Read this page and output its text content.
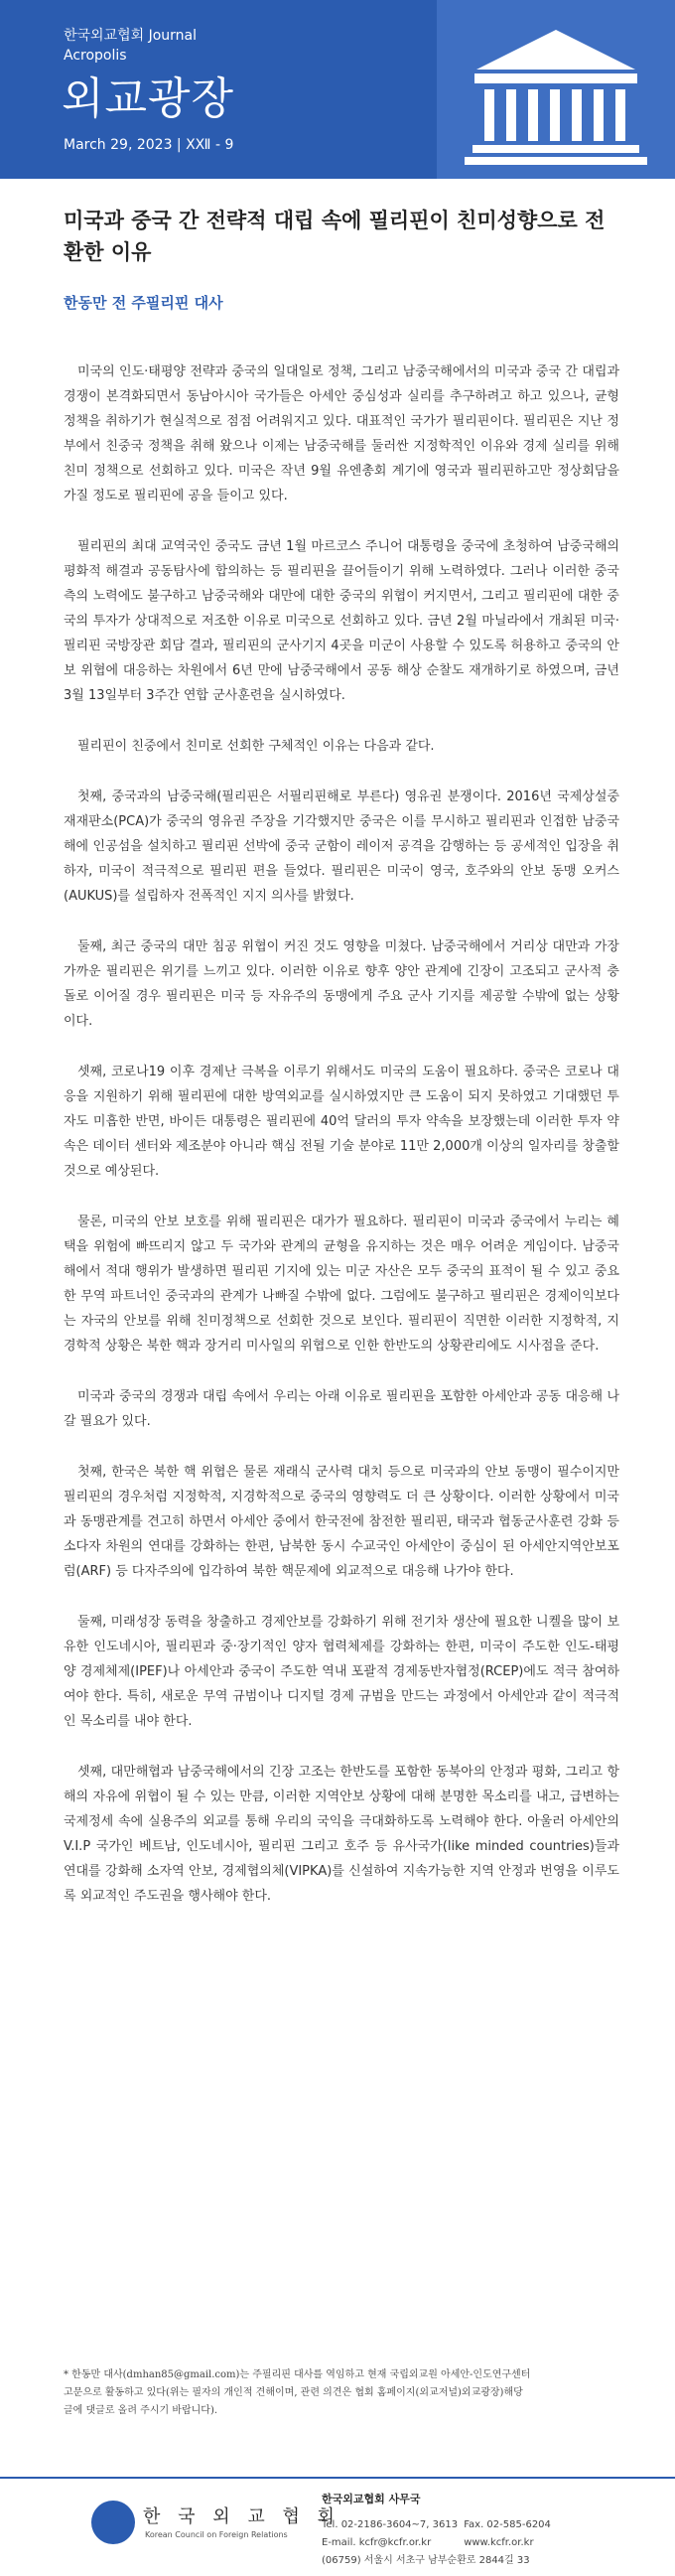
한국외교협회 Journal
Acropolis
외교광장
March 29, 2023 | ⅩⅫ - 9
미국과 중국 간 전략적 대립 속에 필리핀이 친미성향으로 전환한 이유
한동만 전 주필리핀 대사

미국의 인도·태평양 전략과 중국의 일대일로 정책, 그리고 남중국해에서의 미국과 중국 간 대립과 경쟁이 본격화되면서 동남아시아 국가들은 아세안 중심성과 실리를 추구하려고 하고 있으나, 균형 정책을 취하기가 현실적으로 점점 어려워지고 있다. 대표적인 국가가 필리핀이다. 필리핀은 지난 정부에서 친중국 정책을 취해 왔으나 이제는 남중국해를 둘러싼 지정학적인 이유와 경제 실리를 위해 친미 정책으로 선회하고 있다. 미국은 작년 9월 유엔총회 계기에 영국과 필리핀하고만 정상회담을 가질 정도로 필리핀에 공을 들이고 있다.

필리핀의 최대 교역국인 중국도 금년 1월 마르코스 주니어 대통령을 중국에 초청하여 남중국해의 평화적 해결과 공동탐사에 합의하는 등 필리핀을 끌어들이기 위해 노력하였다. 그러나 이러한 중국 측의 노력에도 불구하고 남중국해와 대만에 대한 중국의 위협이 커지면서, 그리고 필리핀에 대한 중국의 투자가 상대적으로 저조한 이유로 미국으로 선회하고 있다. 금년 2월 마닐라에서 개최된 미국·필리핀 국방장관 회담 결과, 필리핀의 군사기지 4곳을 미군이 사용할 수 있도록 허용하고 중국의 안보 위협에 대응하는 차원에서 6년 만에 남중국해에서 공동 해상 순찰도 재개하기로 하였으며, 금년 3월 13일부터 3주간 연합 군사훈련을 실시하였다.

필리핀이 친중에서 친미로 선회한 구체적인 이유는 다음과 같다.

첫째, 중국과의 남중국해(필리핀은 서필리핀해로 부른다) 영유권 분쟁이다. 2016년 국제상설중재재판소(PCA)가 중국의 영유권 주장을 기각했지만 중국은 이를 무시하고 필리핀과 인접한 남중국해에 인공섬을 설치하고 필리핀 선박에 중국 군함이 레이저 공격을 감행하는 등 공세적인 입장을 취하자, 미국이 적극적으로 필리핀 편을 들었다. 필리핀은 미국이 영국, 호주와의 안보 동맹 오커스(AUKUS)를 설립하자 전폭적인 지지 의사를 밝혔다.

둘째, 최근 중국의 대만 침공 위협이 커진 것도 영향을 미쳤다. 남중국해에서 거리상 대만과 가장 가까운 필리핀은 위기를 느끼고 있다. 이러한 이유로 향후 양안 관계에 긴장이 고조되고 군사적 충돌로 이어질 경우 필리핀은 미국 등 자유주의 동맹에게 주요 군사 기지를 제공할 수밖에 없는 상황이다.

셋째, 코로나19 이후 경제난 극복을 이루기 위해서도 미국의 도움이 필요하다. 중국은 코로나 대응을 지원하기 위해 필리핀에 대한 방역외교를 실시하였지만 큰 도움이 되지 못하였고 기대했던 투자도 미흡한 반면, 바이든 대통령은 필리핀에 40억 달러의 투자 약속을 보장했는데 이러한 투자 약속은 데이터 센터와 제조분야 아니라 핵심 전될 기술 분야로 11만 2,000개 이상의 일자리를 창출할 것으로 예상된다.

물론, 미국의 안보 보호를 위해 필리핀은 대가가 필요하다. 필리핀이 미국과 중국에서 누리는 혜택을 위험에 빠뜨리지 않고 두 국가와 관계의 균형을 유지하는 것은 매우 어려운 게임이다. 남중국해에서 적대 행위가 발생하면 필리핀 기지에 있는 미군 자산은 모두 중국의 표적이 될 수 있고 중요한 무역 파트너인 중국과의 관계가 나빠질 수밖에 없다. 그럼에도 불구하고 필리핀은 경제이익보다는 자국의 안보를 위해 친미정책으로 선회한 것으로 보인다. 필리핀이 직면한 이러한 지정학적, 지경학적 상황은 북한 핵과 장거리 미사일의 위협으로 인한 한반도의 상황관리에도 시사점을 준다.

미국과 중국의 경쟁과 대립 속에서 우리는 아래 이유로 필리핀을 포함한 아세안과 공동 대응해 나갈 필요가 있다.

첫째, 한국은 북한 핵 위협은 물론 재래식 군사력 대치 등으로 미국과의 안보 동맹이 필수이지만 필리핀의 경우처럼 지정학적, 지경학적으로 중국의 영향력도 더 큰 상황이다. 이러한 상황에서 미국과 동맹관계를 견고히 하면서 아세안 중에서 한국전에 참전한 필리핀, 태국과 협동군사훈련 강화 등 소다자 차원의 연대를 강화하는 한편, 남북한 동시 수교국인 아세안이 중심이 된 아세안지역안보포럼(ARF) 등 다자주의에 입각하여 북한 핵문제에 외교적으로 대응해 나가야 한다.

둘째, 미래성장 동력을 창출하고 경제안보를 강화하기 위해 전기차 생산에 필요한 니켈을 많이 보유한 인도네시아, 필리핀과 중·장기적인 양자 협력체제를 강화하는 한편, 미국이 주도한 인도-태평양 경제체제(IPEF)나 아세안과 중국이 주도한 역내 포괄적 경제동반자협정(RCEP)에도 적극 참여하여야 한다. 특히, 새로운 무역 규범이나 디지털 경제 규범을 만드는 과정에서 아세안과 같이 적극적인 목소리를 내야 한다.

셋째, 대만해협과 남중국해에서의 긴장 고조는 한반도를 포함한 동북아의 안정과 평화, 그리고 항해의 자유에 위협이 될 수 있는 만큼, 이러한 지역안보 상황에 대해 분명한 목소리를 내고, 급변하는 국제정세 속에 실용주의 외교를 통해 우리의 국익을 극대화하도록 노력해야 한다. 아울러 아세안의 V.I.P 국가인 베트남, 인도네시아, 필리핀 그리고 호주 등 유사국가(like minded countries)들과 연대를 강화해 소자역 안보, 경제협의체(VIPKA)를 신설하여 지속가능한 지역 안정과 번영을 이루도록 외교적인 주도권을 행사해야 한다.

* 한동만 대사(dmhan85@gmail.com)는 주필리핀 대사를 역임하고 현재 국립외교원 아세안-인도연구센터

고문으로 활동하고 있다(위는 필자의 개인적 견해이며, 관련 의견은 협회 홈페이지(외교저널)외교광장)해당

글에 댓글로 올려 주시기 바랍니다).

한 국 외 교 협 회
Korean Council on Foreign Relations
한국외교협회 사무국
Tel. 02-2186-3604~7, 3613 Fax. 02-585-6204
E-mail. kcfr@kcfr.or.kr	www.kcfr.or.kr
(06759) 서울시 서초구 남부순환로 2844길 33
